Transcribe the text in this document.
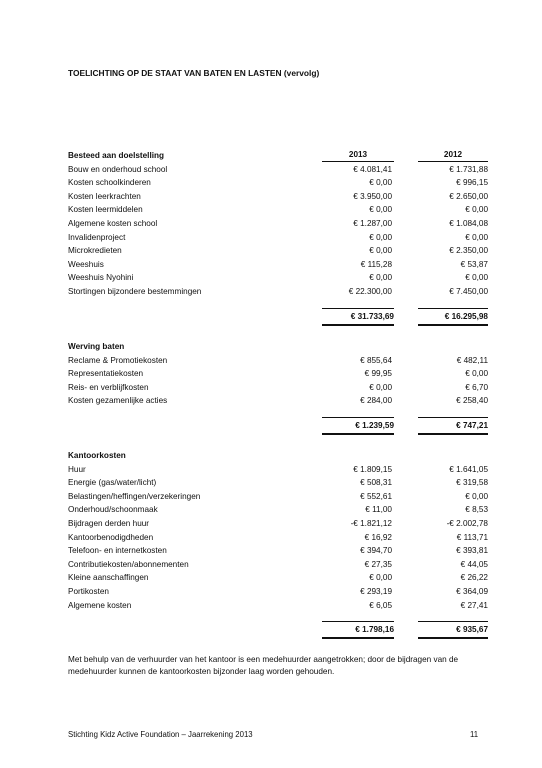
TOELICHTING OP DE STAAT VAN BATEN EN LASTEN (vervolg)
Besteed aan doelstelling	2013	2012
Bouw en onderhoud school	€ 4.081,41	€ 1.731,88
Kosten schoolkinderen	€ 0,00	€ 996,15
Kosten leerkrachten	€ 3.950,00	€ 2.650,00
Kosten leermiddelen	€ 0,00	€ 0,00
Algemene kosten school	€ 1.287,00	€ 1.084,08
Invalidenproject	€ 0,00	€ 0,00
Microkredieten	€ 0,00	€ 2.350,00
Weeshuis	€ 115,28	€ 53,87
Weeshuis Nyohini	€ 0,00	€ 0,00
Stortingen bijzondere bestemmingen	€ 22.300,00	€ 7.450,00
€ 31.733,69	€ 16.295,98
Werving baten
Reclame & Promotiekosten	€ 855,64	€ 482,11
Representatiekosten	€ 99,95	€ 0,00
Reis- en verblijfkosten	€ 0,00	€ 6,70
Kosten gezamenlijke acties	€ 284,00	€ 258,40
€ 1.239,59	€ 747,21
Kantoorkosten
Huur	€ 1.809,15	€ 1.641,05
Energie (gas/water/licht)	€ 508,31	€ 319,58
Belastingen/heffingen/verzekeringen	€ 552,61	€ 0,00
Onderhoud/schoonmaak	€ 11,00	€ 8,53
Bijdragen derden huur	-€ 1.821,12	-€ 2.002,78
Kantoorbenodigdheden	€ 16,92	€ 113,71
Telefoon- en internetkosten	€ 394,70	€ 393,81
Contributiekosten/abonnementen	€ 27,35	€ 44,05
Kleine aanschaffingen	€ 0,00	€ 26,22
Portikosten	€ 293,19	€ 364,09
Algemene kosten	€ 6,05	€ 27,41
€ 1.798,16	€ 935,67
Met behulp van de verhuurder van het kantoor is een medehuurder aangetrokken; door de bijdragen van de medehuurder kunnen de kantoorkosten bijzonder laag worden gehouden.
Stichting Kidz Active Foundation – Jaarrekening 2013	11
